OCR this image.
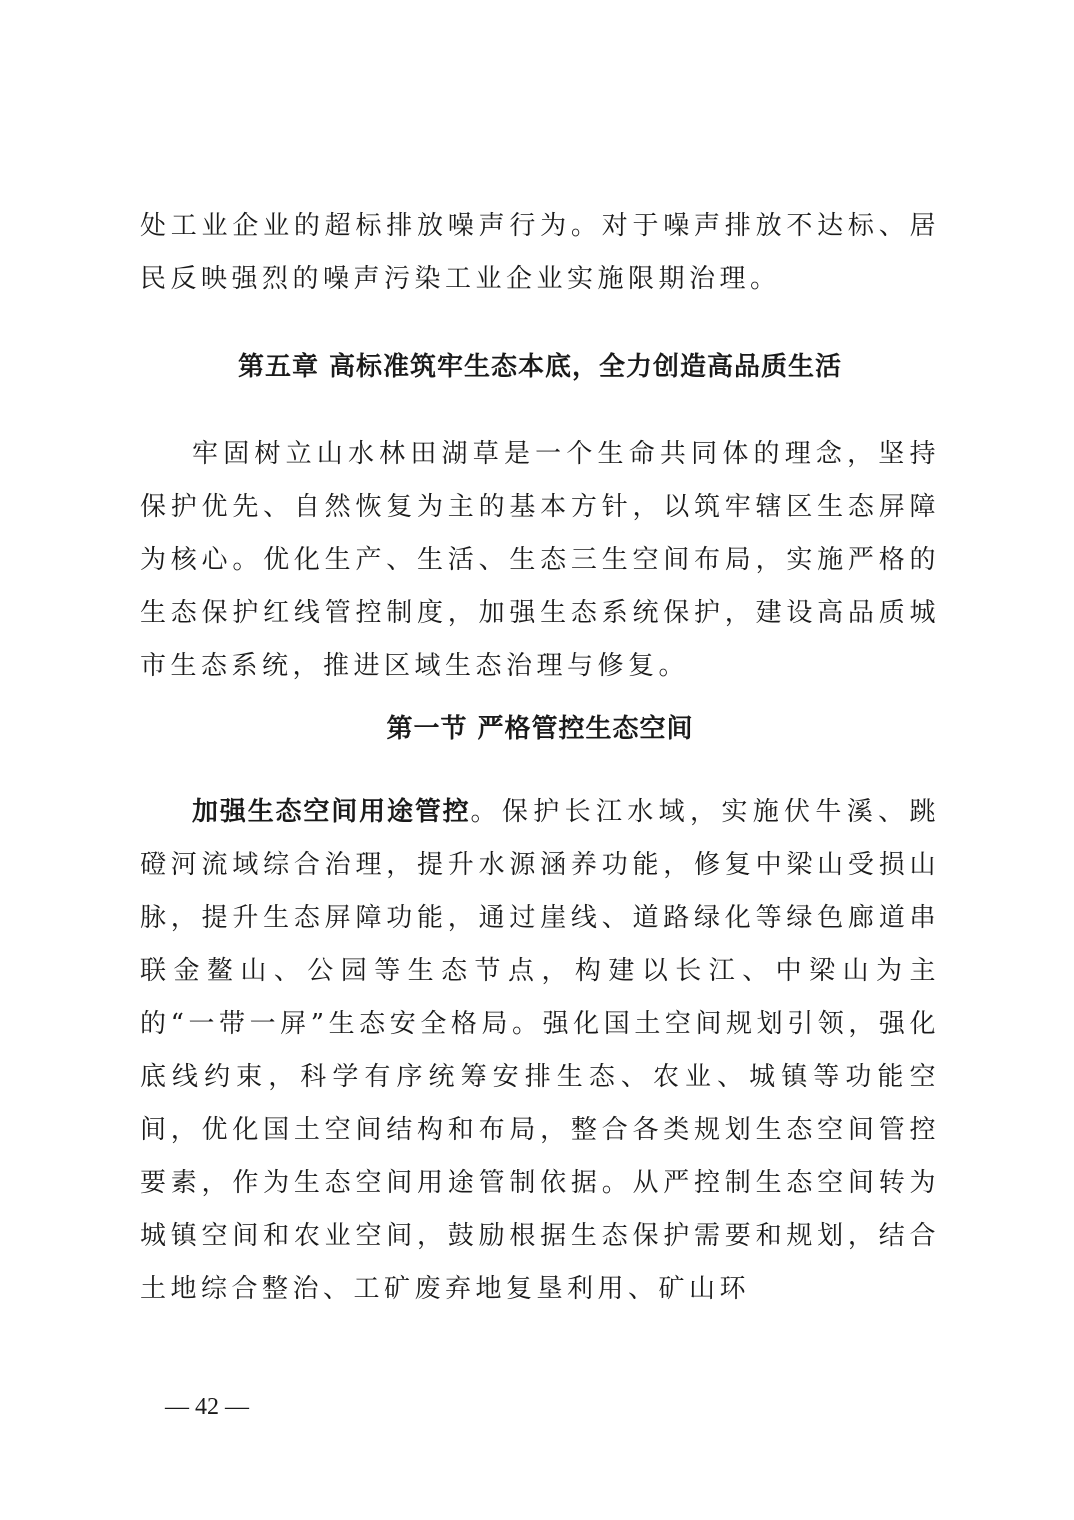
处工业企业的超标排放噪声行为。对于噪声排放不达标、居民反映强烈的噪声污染工业企业实施限期治理。

第五章 高标准筑牢生态本底，全力创造高品质生活

牢固树立山水林田湖草是一个生命共同体的理念，坚持保护优先、自然恢复为主的基本方针，以筑牢辖区生态屏障为核心。优化生产、生活、生态三生空间布局，实施严格的生态保护红线管控制度，加强生态系统保护，建设高品质城市生态系统，推进区域生态治理与修复。

第一节 严格管控生态空间

加强生态空间用途管控。保护长江水域，实施伏牛溪、跳磴河流域综合治理，提升水源涵养功能，修复中梁山受损山脉，提升生态屏障功能，通过崖线、道路绿化等绿色廊道串联金鳌山、公园等生态节点，构建以长江、中梁山为主的“一带一屏”生态安全格局。强化国土空间规划引领，强化底线约束，科学有序统筹安排生态、农业、城镇等功能空间，优化国土空间结构和布局，整合各类规划生态空间管控要素，作为生态空间用途管制依据。从严控制生态空间转为城镇空间和农业空间，鼓励根据生态保护需要和规划，结合土地综合整治、工矿废弃地复垦利用、矿山环

— 42 —
